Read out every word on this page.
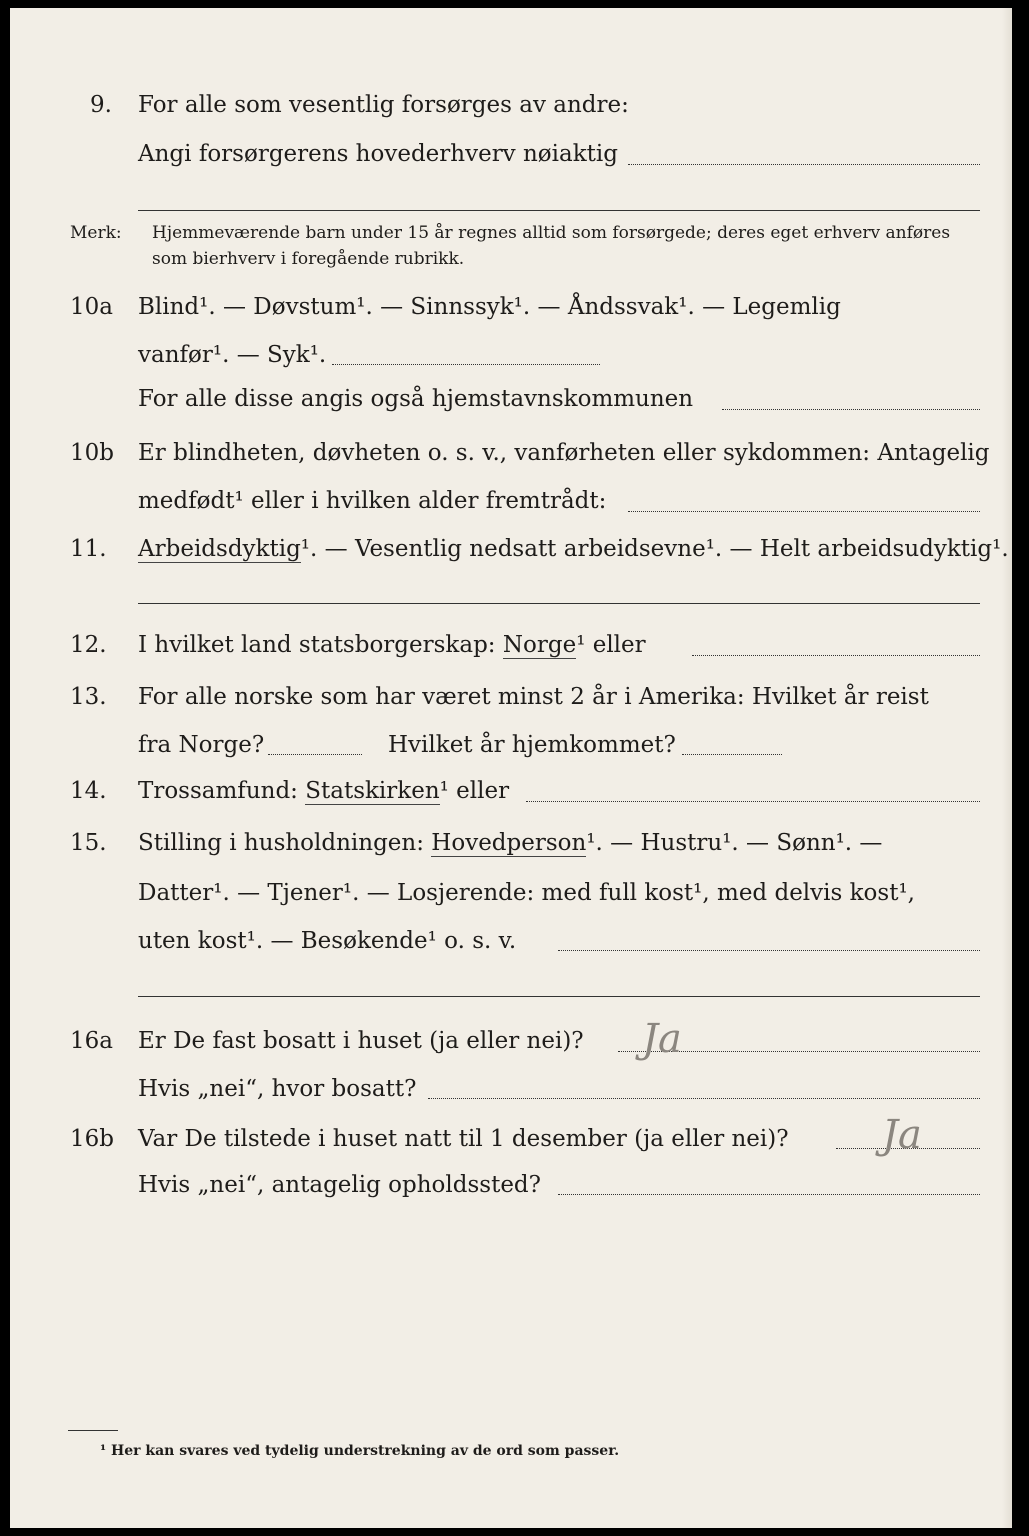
9. For alle som vesentlig forsørges av andre:
Angi forsørgerens hovederhverv nøiaktig
Merk: Hjemmeværende barn under 15 år regnes alltid som forsørgede; deres eget erhverv anføres som bierhverv i foregående rubrikk.
10a Blind¹. — Døvstum¹. — Sinnssyk¹. — Åndssvak¹. — Legemlig
vanfør¹. — Syk¹.
For alle disse angis også hjemstavnskommunen
10b Er blindheten, døvheten o. s. v., vanførheten eller sykdommen: Antagelig
medfødt¹ eller i hvilken alder fremtrådt:
11. Arbeidsdyktig¹. — Vesentlig nedsatt arbeidsevne¹. — Helt arbeidsudyktig¹.
12. I hvilket land statsborgerskap: Norge¹ eller
13. For alle norske som har været minst 2 år i Amerika: Hvilket år reist
fra Norge?	Hvilket år hjemkommet?
14. Trossamfund: Statskirken¹ eller
15. Stilling i husholdningen: Hovedperson¹. — Hustru¹. — Sønn¹. —
Datter¹. — Tjener¹. — Losjerende: med full kost¹, med delvis kost¹,
uten kost¹. — Besøkende¹ o. s. v.
16a Er De fast bosatt i huset (ja eller nei)? Ja
Hvis „nei“, hvor bosatt?
16b Var De tilstede i huset natt til 1 desember (ja eller nei)? Ja
Hvis „nei“, antagelig opholdssted?
¹ Her kan svares ved tydelig understrekning av de ord som passer.
